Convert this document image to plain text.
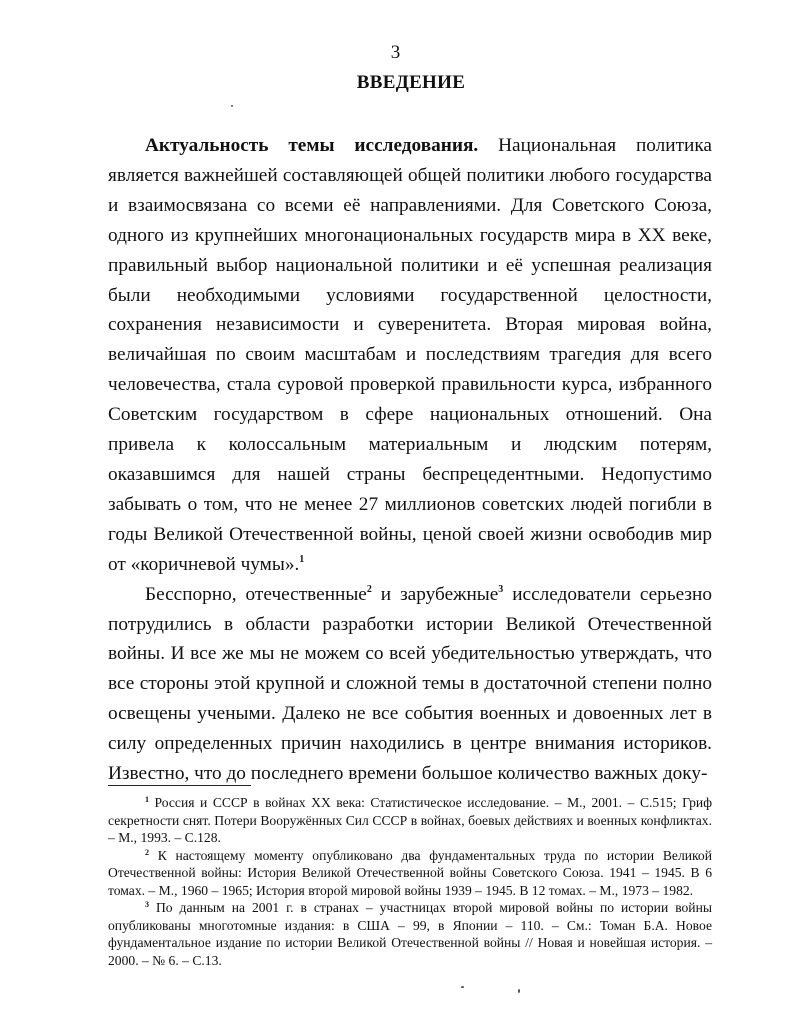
3
ВВЕДЕНИЕ

Актуальность темы исследования. Национальная политика является важнейшей составляющей общей политики любого государства и взаимосвязана со всеми её направлениями. Для Советского Союза, одного из крупнейших многонациональных государств мира в XX веке, правильный выбор национальной политики и её успешная реализация были необходимыми условиями государственной целостности, сохранения независимости и суверенитета. Вторая мировая война, величайшая по своим масштабам и последствиям трагедия для всего человечества, стала суровой проверкой правильности курса, избранного Советским государством в сфере национальных отношений. Она привела к колоссальным материальным и людским потерям, оказавшимся для нашей страны беспрецедентными. Недопустимо забывать о том, что не менее 27 миллионов советских людей погибли в годы Великой Отечественной войны, ценой своей жизни освободив мир от «коричневой чумы».$^1$

Бесспорно, отечественные$^2$ и зарубежные$^3$ исследователи серьезно потрудились в области разработки истории Великой Отечественной войны. И все же мы не можем со всей убедительностью утверждать, что все стороны этой крупной и сложной темы в достаточной степени полно освещены учеными. Далеко не все события военных и довоенных лет в силу определенных причин находились в центре внимания историков. Известно, что до последнего времени большое количество важных доку-

$^1$ Россия и СССР в войнах XX века: Статистическое исследование. – М., 2001. – С.515; Гриф секретности снят. Потери Вооружённых Сил СССР в войнах, боевых действиях и военных конфликтах. – М., 1993. – С.128.

$^2$ К настоящему моменту опубликовано два фундаментальных труда по истории Великой Отечественной войны: История Великой Отечественной войны Советского Союза. 1941 – 1945. В 6 томах. – М., 1960 – 1965; История второй мировой войны 1939 – 1945. В 12 томах. – М., 1973 – 1982.

$^3$ По данным на 2001 г. в странах – участницах второй мировой войны по истории войны опубликованы многотомные издания: в США – 99, в Японии – 110. – См.: Томан Б.А. Новое фундаментальное издание по истории Великой Отечественной войны // Новая и новейшая история. – 2000. – № 6. – С.13.
